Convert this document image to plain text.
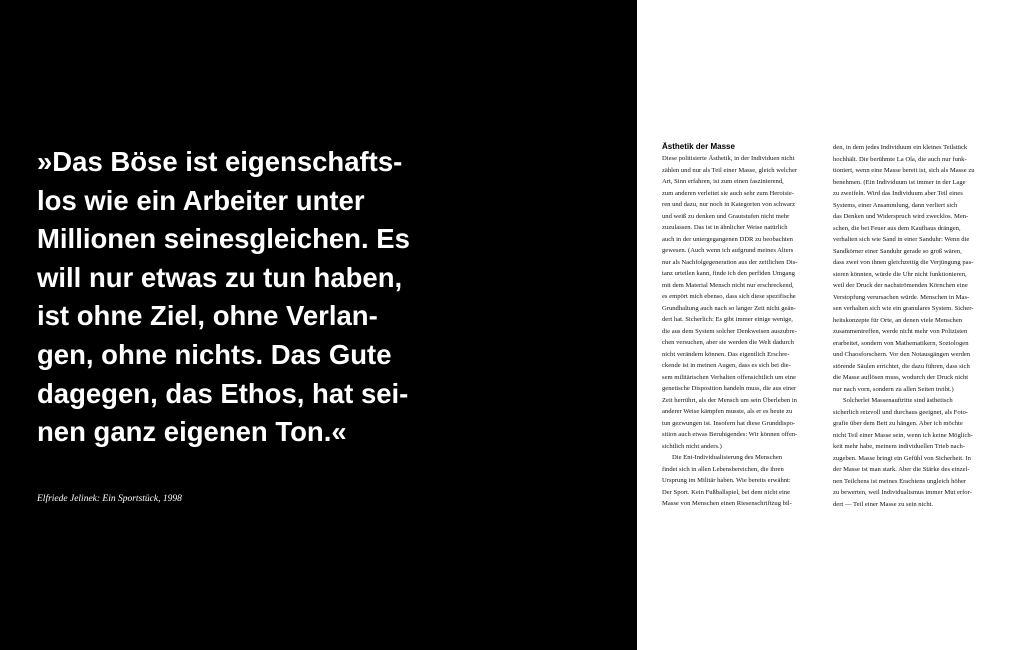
»Das Böse ist eigenschafts-
los wie ein Arbeiter unter
Millionen seinesgleichen. Es
will nur etwas zu tun haben,
ist ohne Ziel, ohne Verlan-
gen, ohne nichts. Das Gute
dagegen, das Ethos, hat sei-
nen ganz eigenen Ton.«

Elfriede Jelinek: Ein Sportstück, 1998
Ästhetik der Masse
Diese politisierte Ästhetik, in der Individuen nicht
zählen und nur als Teil einer Masse, gleich welcher
Art, Sinn erfahren, ist zum einen faszinierend,
zum anderen verleitet sie auch sehr zum Heroisie-
ren und dazu, nur noch in Kategorien von schwarz
und weiß zu denken und Grautstufen nicht mehr
zuzulassen. Das ist in ähnlicher Weise natürlich
auch in der untergegangenen DDR zu beobachten
gewesen. (Auch wenn ich aufgrund meines Alters
nur als Nachfolgegeneration aus der zeitlichen Dis-
tanz urteilen kann, finde ich den perfiden Umgang
mit dem Material Mensch nicht nur erschreckend,
es empört mich ebenso, dass sich diese spezifische
Grundhaltung auch nach so langer Zeit nicht geän-
dert hat. Sicherlich: Es gibt immer einige wenige,
die aus dem System solcher Denkweisen auszubre-
chen versuchen, aber sie werden die Welt dadurch
nicht verändern können. Das eigentlich Erschre-
ckende ist in meinen Augen, dass es sich bei die-
sem militärischen Verhalten offensichtlich um eine
genetische Disposition handeln muss, die aus einer
Zeit herrührt, als der Mensch um sein Überleben in
anderer Weise kämpfen musste, als er es heute zu
tun gezwungen ist. Insofern hat diese Grunddispo-
sition auch etwas Beruhigendes: Wir können offen-
sichtlich nicht anders.)
Die Ent-Individualisierung des Menschen
findet sich in allen Lebensbereichen, die ihren
Ursprung im Militär haben. Wie bereits erwähnt:
Der Sport. Kein Fußballspiel, bei dem nicht eine
Masse von Menschen einen Riesenschriftzug bil-
den, in dem jedes Individuum ein kleines Teilstück
hochhält. Die berühmte La Ola, die auch nur funk-
tioniert, wenn eine Masse bereit ist, sich als Masse zu
benehmen. (Ein Individuum ist immer in der Lage
zu zweifeln. Wird das Individuum aber Teil eines
Systems, einer Ansammlung, dann verliert sich
das Denken und Widerspruch wird zwecklos. Men-
schen, die bei Feuer aus dem Kaufhaus drängen,
verhalten sich wie Sand in einer Sanduhr: Wenn die
Sandkörner einer Sanduhr gerade so groß wären,
dass zwei von ihnen gleichzeitig die Verjüngung pas-
sieren könnten, würde die Uhr nicht funktionieren,
weil der Druck der nachströmenden Körnchen eine
Verstopfung verursachen würde. Menschen in Mas-
sen verhalten sich wie ein granulares System. Sicher-
heitskonzepte für Orte, an denen viele Menschen
zusammentreffen, werde nicht mehr von Polizisten
erarbeitet, sondern von Mathematikern, Soziologen
und Chaosforschern. Vor den Notausgängen werden
störende Säulen errichtet, die dazu führen, dass sich
die Masse auflösen muss, wodurch der Druck nicht
nur nach vorn, sondern zu allen Seiten treibt.)
Solcherlei Massenauftritte sind ästhetisch
sicherlich reizvoll und durchaus geeignet, als Foto-
grafie über dem Bett zu hängen. Aber ich möchte
nicht Teil einer Masse sein, wenn ich keine Möglich-
keit mehr habe, meinem individuellen Trieb nach-
zugeben. Masse bringt ein Gefühl von Sicherheit. In
der Masse ist man stark. Aber die Stärke des einzel-
nen Teilchens ist meines Erachtens ungleich höher
zu bewerten, weil Individualismus immer Mut erfor-
dert — Teil einer Masse zu sein nicht.
